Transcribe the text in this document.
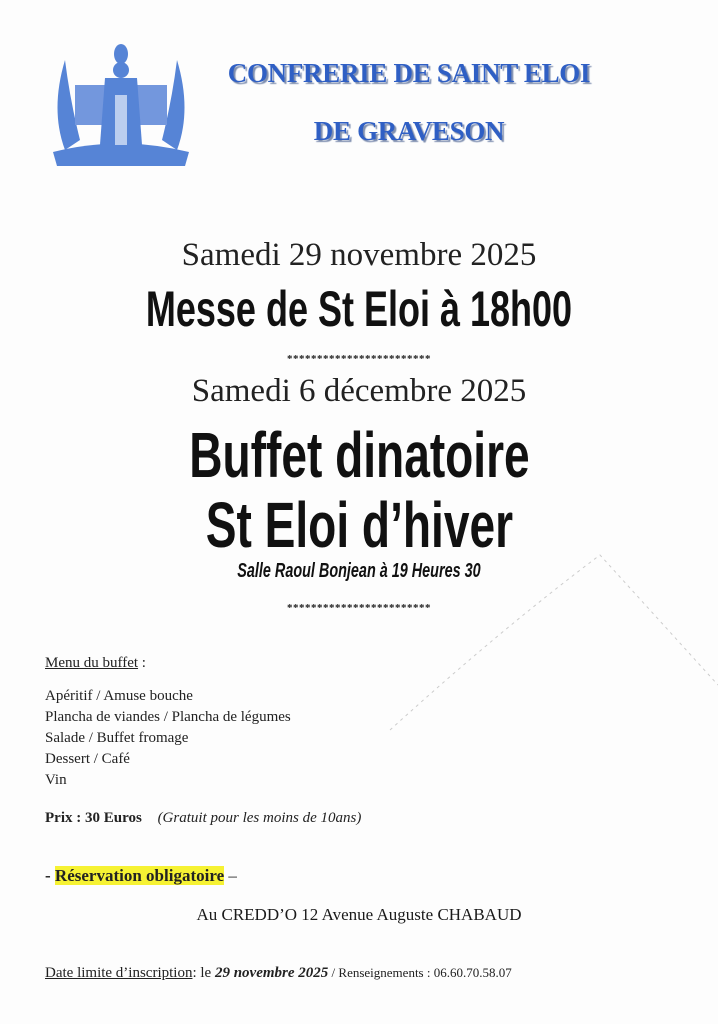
CONFRERIE DE SAINT ELOI
DE GRAVESON
Samedi 29 novembre 2025
Messe de St Eloi à 18h00
************************
Samedi 6 décembre 2025
Buffet dinatoire
St Eloi d’hiver
Salle Raoul Bonjean à 19 Heures 30
************************
Menu du buffet :
Apéritif / Amuse bouche
Plancha de viandes / Plancha de légumes
Salade / Buffet fromage
Dessert / Café
Vin
Prix : 30 Euros (Gratuit pour les moins de 10ans)
- Réservation obligatoire –
Au CREDD’O 12 Avenue Auguste CHABAUD
Date limite d’inscription: le 29 novembre 2025 / Renseignements : 06.60.70.58.07
